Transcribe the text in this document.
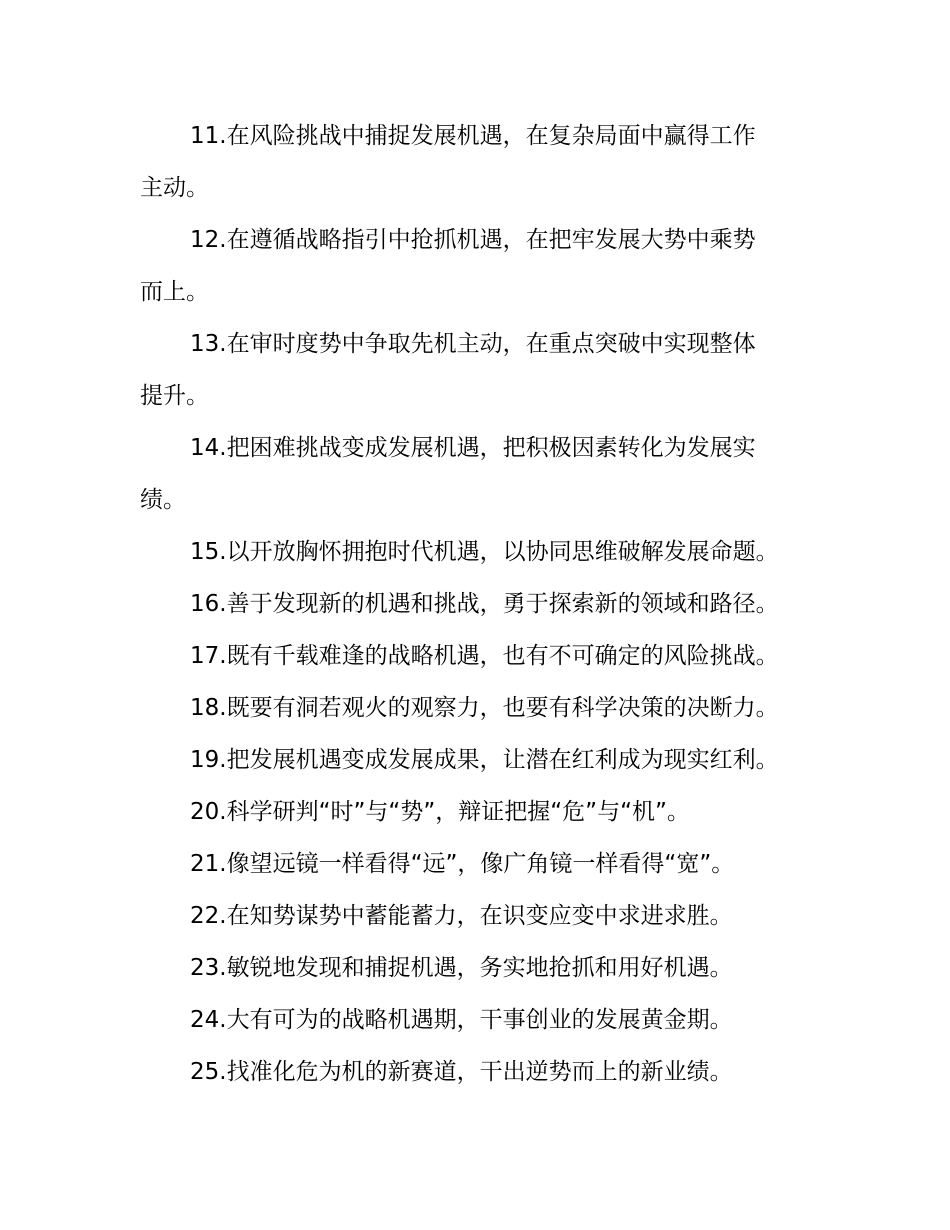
11.在风险挑战中捕捉发展机遇，在复杂局面中赢得工作
主动。

12.在遵循战略指引中抢抓机遇，在把牢发展大势中乘势
而上。

13.在审时度势中争取先机主动，在重点突破中实现整体
提升。

14.把困难挑战变成发展机遇，把积极因素转化为发展实
绩。

15.以开放胸怀拥抱时代机遇，以协同思维破解发展命题。

16.善于发现新的机遇和挑战，勇于探索新的领域和路径。

17.既有千载难逢的战略机遇，也有不可确定的风险挑战。

18.既要有洞若观火的观察力，也要有科学决策的决断力。

19.把发展机遇变成发展成果，让潜在红利成为现实红利。

20.科学研判“时”与“势”，辩证把握“危”与“机”。

21.像望远镜一样看得“远”，像广角镜一样看得“宽”。

22.在知势谋势中蓄能蓄力，在识变应变中求进求胜。

23.敏锐地发现和捕捉机遇，务实地抢抓和用好机遇。

24.大有可为的战略机遇期，干事创业的发展黄金期。

25.找准化危为机的新赛道，干出逆势而上的新业绩。
